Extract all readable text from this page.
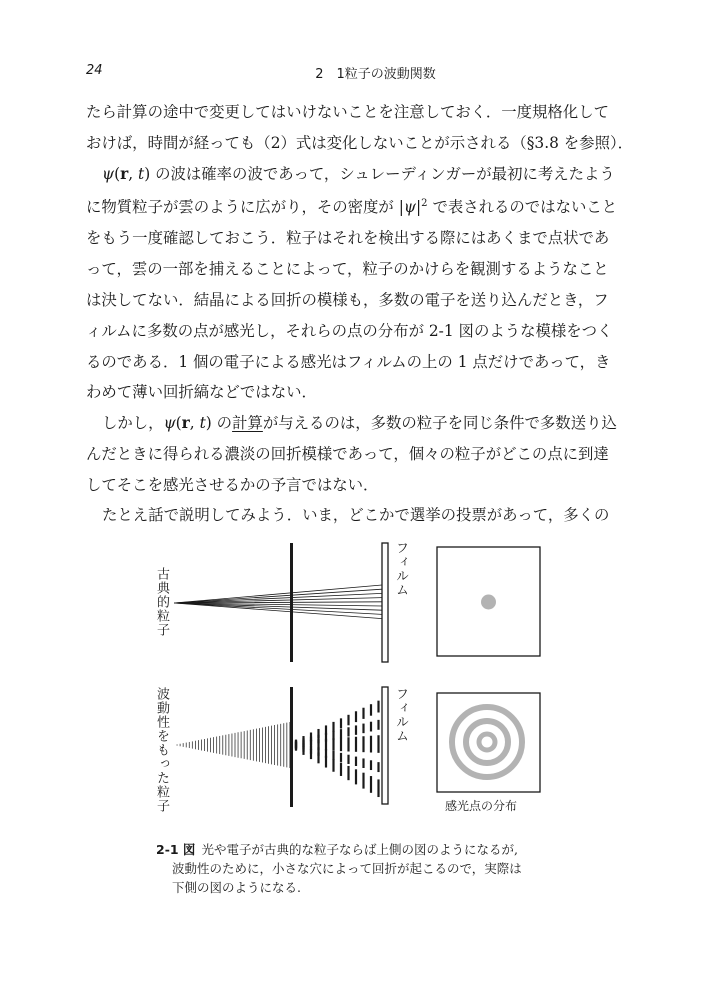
24	2　1粒子の波動関数

たら計算の途中で変更してはいけないことを注意しておく．一度規格化して
おけば，時間が経っても（2）式は変化しないことが示される（§3.8 を参照）．

ψ(r, t) の波は確率の波であって，シュレーディンガーが最初に考えたよう
に物質粒子が雲のように広がり，その密度が $|\psi|^2$ で表されるのではないこと
をもう一度確認しておこう．粒子はそれを検出する際にはあくまで点状であ
って，雲の一部を捕えることによって，粒子のかけらを観測するようなこと
は決してない．結晶による回折の模様も，多数の電子を送り込んだとき，フ
ィルムに多数の点が感光し，それらの点の分布が 2-1 図のような模様をつく
るのである．1 個の電子による感光はフィルムの上の 1 点だけであって，き
わめて薄い回折縞などではない．

しかし，ψ(r, t) の計算が与えるのは，多数の粒子を同じ条件で多数送り込
んだときに得られる濃淡の回折模様であって，個々の粒子がどこの点に到達
してそこを感光させるかの予言ではない．

たとえ話で説明してみよう．いま，どこかで選挙の投票があって，多くの

古典的粒子
波動性をもった粒子
フィルム
フィルム
感光点の分布
2-1 図 光や電子が古典的な粒子ならば上側の図のようになるが,
波動性のために，小さな穴によって回折が起こるので，実際は
下側の図のようになる.
